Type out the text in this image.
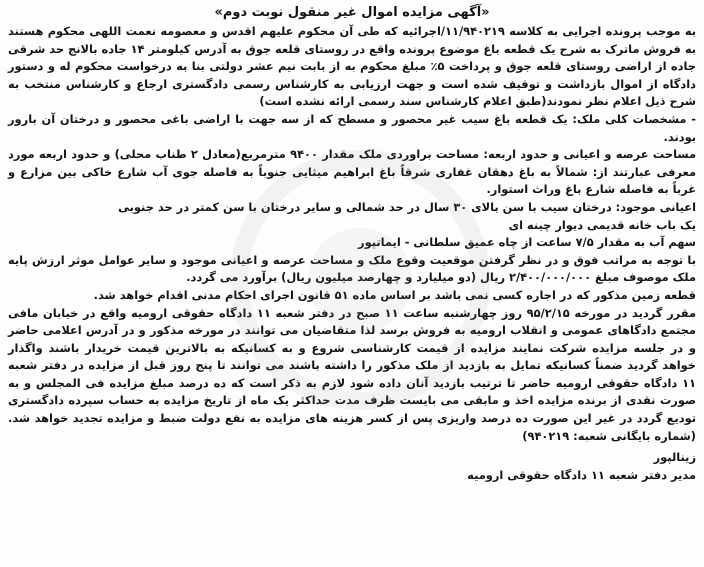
«آگهی مزایده اموال غیر منقول نوبت دوم»

به موجب پرونده اجرایی به کلاسه ۱۱/۹۴۰۲۱۹/اجرائیه که طی آن محکوم علیهم اقدس و معصومه نعمت اللهی محکوم هستند به فروش ماترک به شرح یک قطعه باغ موضوع پرونده واقع در روستای قلعه جوق به آدرس کیلومتر ۱۴ جاده بالانج حد شرقی جاده از اراضی روستای قلعه جوق و پرداخت ۵٪ مبلغ محکوم به از بابت نیم عشر دولتی بنا به درخواست محکوم له و دستور دادگاه از اموال بازداشت و توقیف شده است و جهت ارزیابی به کارشناس رسمی دادگستری ارجاع و کارشناس منتخب به شرح ذیل اعلام نظر نمودند(طبق اعلام کارشناس سند رسمی ارائه نشده است)

- مشخصات کلی ملک: یک قطعه باغ سیب غیر محصور و مسطح که از سه جهت با اراضی باغی محصور و درختان آن بارور بودند.

مساحت عرصه و اعیانی و حدود اربعه: مساحت براوردی ملک مقدار ۹۴۰۰ مترمربع(معادل ۲ طناب محلی) و حدود اربعه مورد معرفی عبارتند از: شمالاً به باغ دهقان غفاری شرقاً باغ ابراهیم میثایی جنوباً به فاصله جوی آب شارع خاکی بین مزارع و غرباً به فاصله شارع باغ وراث استوار.

اعیانی موجود: درختان سیب با سن بالای ۳۰ سال در حد شمالی و سایر درختان با سن کمتر در حد جنوبی

یک باب خانه قدیمی دیوار چینه ای

سهم آب به مقدار ۷/۵ ساعت از چاه عمیق سلطانی - ایماتپور

با توجه به مراتب فوق و در نظر گرفتن موقعیت وقوع ملک و مساحت عرصه و اعیانی موجود و سایر عوامل موثر ارزش پایه ملک موصوف مبلغ ۲/۴۰۰/۰۰۰/۰۰۰ ریال (دو میلیارد و چهارصد میلیون ریال) برآورد می گردد.

قطعه زمین مذکور که در اجاره کسی نمی باشد بر اساس ماده ۵۱ قانون اجرای احکام مدنی اقدام خواهد شد.

مقرر گردید در مورخه ۹۵/۲/۱۵ روز چهارشنبه ساعت ۱۱ صبح در دفتر شعبه ۱۱ دادگاه حقوقی ارومیه واقع در خیابان مافی مجتمع دادگاهای عمومی و انقلاب ارومیه به فروش برسد لذا متقاضیان می توانند در مورخه مذکور و در آدرس اعلامی حاضر و در جلسه مزایده شرکت نمایند مزایده از قیمت کارشناسی شروع و به کسانیکه به بالاترین قیمت خریدار باشند واگذار خواهد گردید ضمناً کسانیکه تمایل به بازدید از ملک مذکور را داشته باشند می توانند تا پنج روز قبل از مزایده در دفتر شعبه ۱۱ دادگاه حقوقی ارومیه حاضر تا ترتیب بازدید آنان داده شود لازم به ذکر است که ده درصد مبلغ مزایده فی المجلس و به صورت نقدی از برنده مزایده اخذ و مابقی می بایست ظرف مدت حداکثر یک ماه از تاریخ مزایده به حساب سپرده دادگستری تودیع گردد در غیر این صورت ده درصد واریزی پس از کسر هزینه های مزایده به نفع دولت ضبط و مزایده تجدید خواهد شد.(شماره بایگانی شعبه: ۹۴۰۲۱۹)

زینالپور
مدیر دفتر شعبه ۱۱ دادگاه حقوقی ارومیه
